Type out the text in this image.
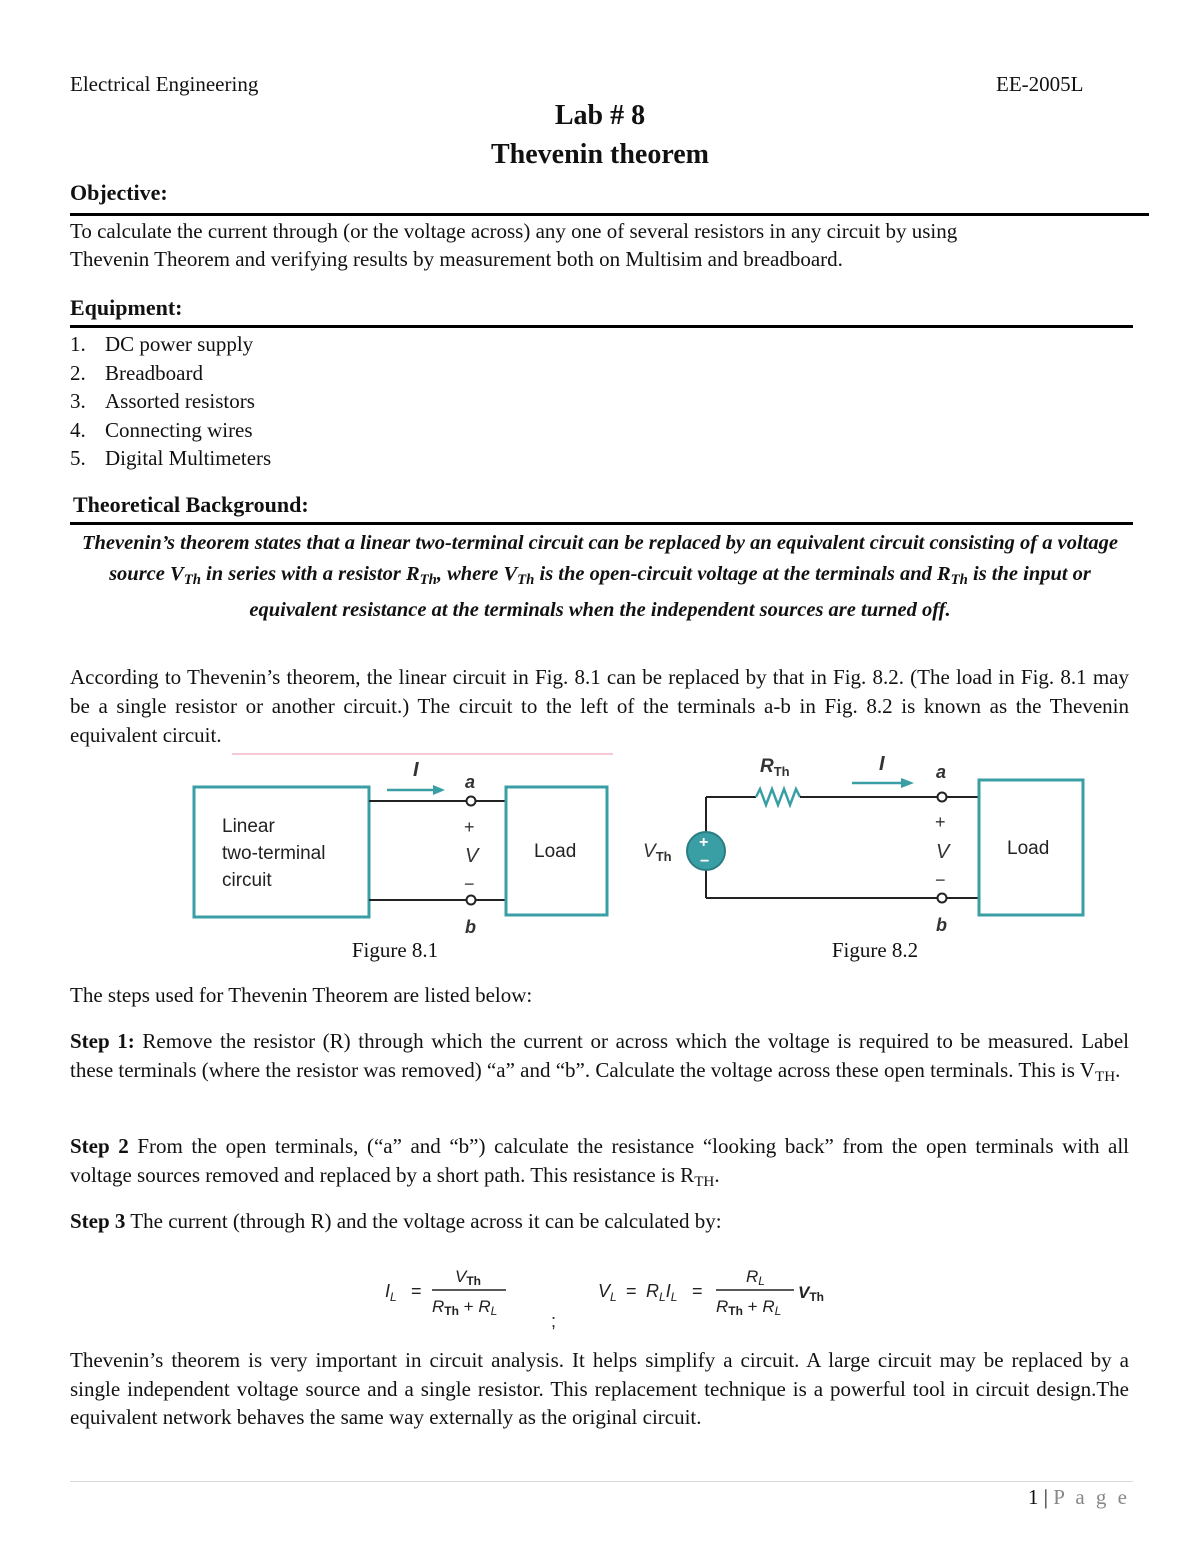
Electrical Engineering	EE-2005L
Lab # 8
Thevenin theorem
Objective:
To calculate the current through (or the voltage across) any one of several resistors in any circuit by using
Thevenin Theorem and verifying results by measurement both on Multisim and breadboard.
Equipment:
1. DC power supply
2. Breadboard
3. Assorted resistors
4. Connecting wires
5. Digital Multimeters
Theoretical Background:
Thevenin’s theorem states that a linear two-terminal circuit can be replaced by an equivalent circuit consisting of a voltage source $V_{Th}$ in series with a resistor $R_{Th}$, where $V_{Th}$ is the open-circuit voltage at the terminals and $R_{Th}$ is the input or equivalent resistance at the terminals when the independent sources are turned off.
According to Thevenin’s theorem, the linear circuit in Fig. 8.1 can be replaced by that in Fig. 8.2. (The load in Fig. 8.1 may be a single resistor or another circuit.) The circuit to the left of the terminals a-b in Fig. 8.2 is known as the Thevenin equivalent circuit.
Linear
two-terminal
circuit
I
a
+
V
−
b
Load
Figure 8.1
+
−
$V_{Th}$
$R_{Th}$	I	a
+
V
−
b
Load
Figure 8.2
The steps used for Thevenin Theorem are listed below:
Step 1: Remove the resistor (R) through which the current or across which the voltage is required to be measured. Label these terminals (where the resistor was removed) “a” and “b”. Calculate the voltage across these open terminals. This is $V_{TH}$.
Step 2 From the open terminals, (“a” and “b”) calculate the resistance “looking back” from the open terminals with all voltage sources removed and replaced by a short path. This resistance is $R_{TH}$.
Step 3 The current (through R) and the voltage across it can be calculated by:
$I_L$ =
VTh
RTh + RL	;
$V_L = R_LI_L$ =
RL
RTh + RL
VTh
Thevenin’s theorem is very important in circuit analysis. It helps simplify a circuit. A large circuit may be replaced by a single independent voltage source and a single resistor. This replacement technique is a powerful tool in circuit design.The equivalent network behaves the same way externally as the original circuit.
1 | P a g e
